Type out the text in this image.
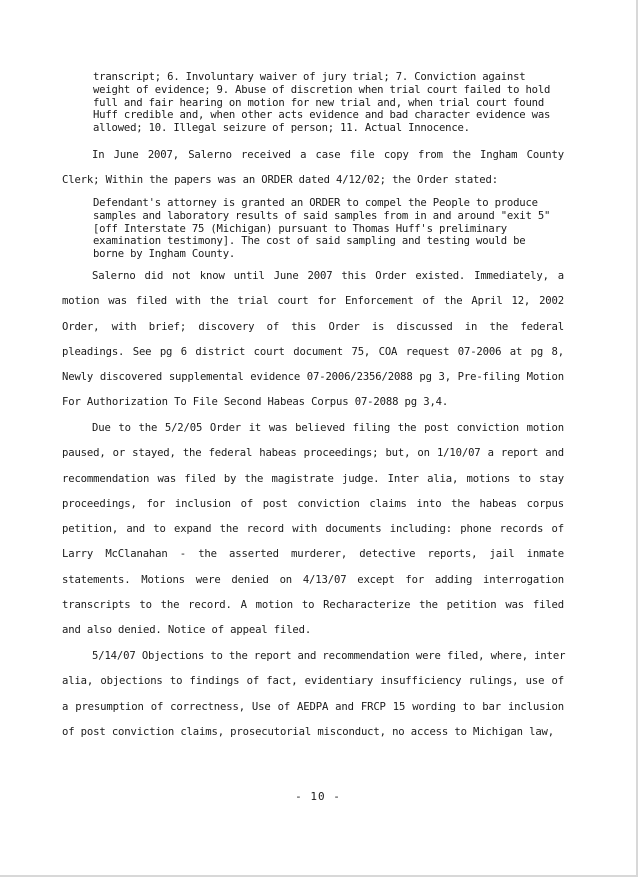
transcript; 6. Involuntary waiver of jury trial; 7. Conviction against
weight of evidence; 9. Abuse of discretion when trial court failed to hold
full and fair hearing on motion for new trial and, when trial court found
Huff credible and, when other acts evidence and bad character evidence was
allowed; 10. Illegal seizure of person; 11. Actual Innocence.
In June 2007, Salerno received a case file copy from the Ingham County
Clerk; Within the papers was an ORDER dated 4/12/02; the Order stated:
Defendant's attorney is granted an ORDER to compel the People to produce
samples and laboratory results of said samples from in and around "exit 5"
[off Interstate 75 (Michigan) pursuant to Thomas Huff's preliminary
examination testimony]. The cost of said sampling and testing would be
borne by Ingham County.
Salerno did not know until June 2007 this Order existed. Immediately, a
motion was filed with the trial court for Enforcement of the April 12, 2002
Order, with brief; discovery of this Order is discussed in the federal
pleadings. See pg 6 district court document 75, COA request 07-2006 at pg 8,
Newly discovered supplemental evidence 07-2006/2356/2088 pg 3, Pre-filing Motion
For Authorization To File Second Habeas Corpus 07-2088 pg 3,4.
Due to the 5/2/05 Order it was believed filing the post conviction motion
paused, or stayed, the federal habeas proceedings; but, on 1/10/07 a report and
recommendation was filed by the magistrate judge. Inter alia, motions to stay
proceedings, for inclusion of post conviction claims into the habeas corpus
petition, and to expand the record with documents including: phone records of
Larry McClanahan - the asserted murderer, detective reports, jail inmate
statements. Motions were denied on 4/13/07 except for adding interrogation
transcripts to the record. A motion to Recharacterize the petition was filed
and also denied. Notice of appeal filed.
5/14/07 Objections to the report and recommendation were filed, where, inter
alia, objections to findings of fact, evidentiary insufficiency rulings, use of
a presumption of correctness, Use of AEDPA and FRCP 15 wording to bar inclusion
of post conviction claims, prosecutorial misconduct, no access to Michigan law,
- 10 -
